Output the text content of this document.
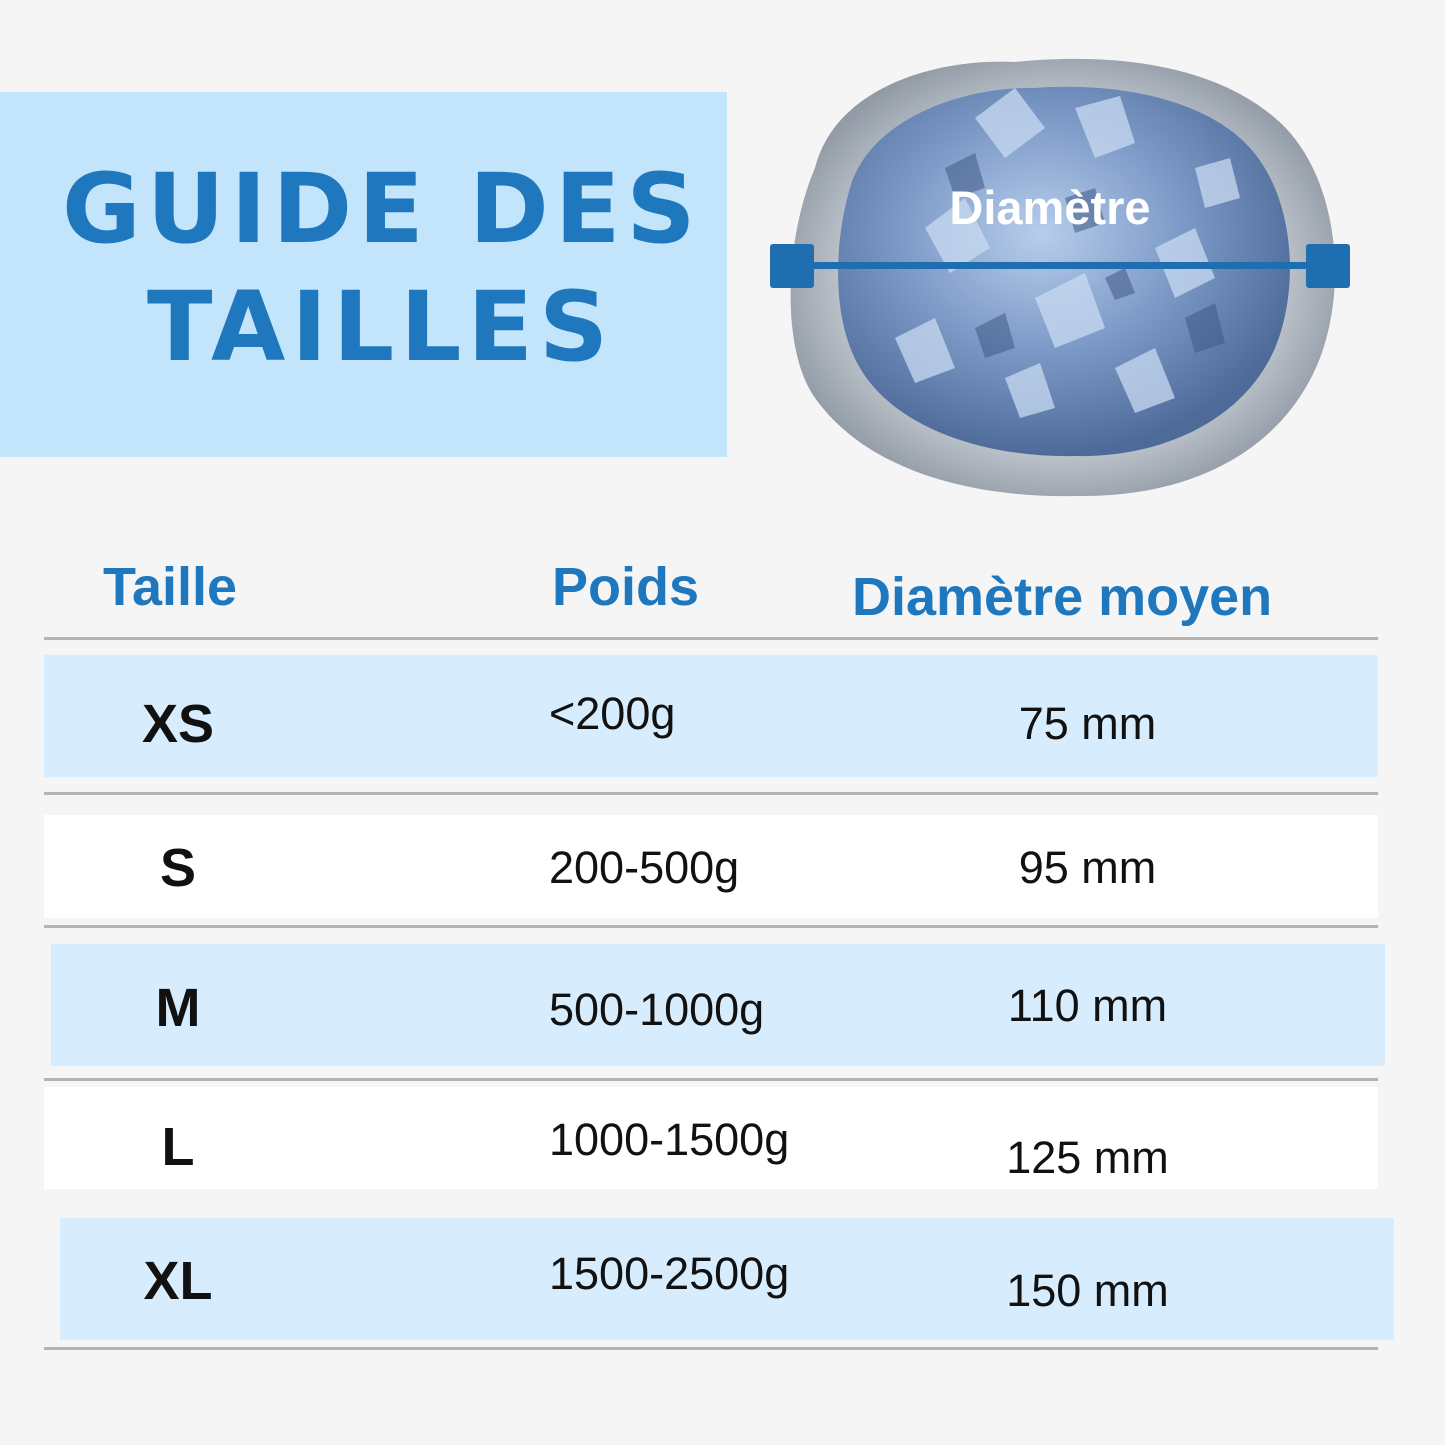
GUIDE DES
TAILLES
Diamètre
Taille	Poids	Diamètre moyen
XS	<200g	75 mm
S	200-500g	95 mm
M	500-1000g	110 mm
L	1000-1500g	125 mm
XL	1500-2500g	150 mm
